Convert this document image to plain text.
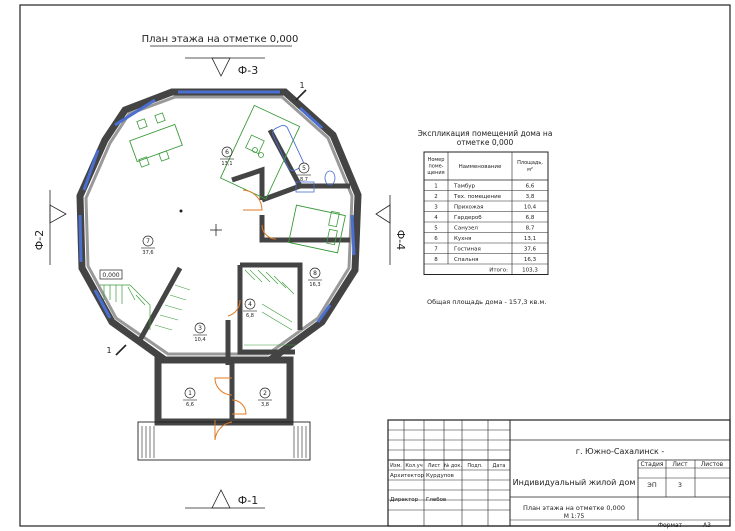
План этажа на отметке 0,000
0,000
1
6,6
2
3,8
3
10,4
4
6,8
5
8,7
6
13,1
7
37,6
8
16,3
Ф-3
Ф-1
Ф-2	Ф-4
1
1
Экспликация помещений дома на
отметке 0,000
Номер
поме-
щения
Наименование
Площадь,
м²
1	Тамбур	6,6
2	Тех. помещение	3,8
3	Прихожая	10,4
4	Гардероб	6,8
5	Санузел	8,7
6	Кухня	13,1
7	Гостиная	37,6
8	Спальня	16,3
Итого:	103,3
Общая площадь дома - 157,3 кв.м.
Изм. Кол.уч Лист № док. Подп. Дата
Архитектор Курдупов
Директор Глебов
г. Южно-Сахалинск -
Индивидуальный жилой дом
План этажа на отметке 0,000
М 1:75
Стадия Лист Листов
ЭП	3
Формат	А3
